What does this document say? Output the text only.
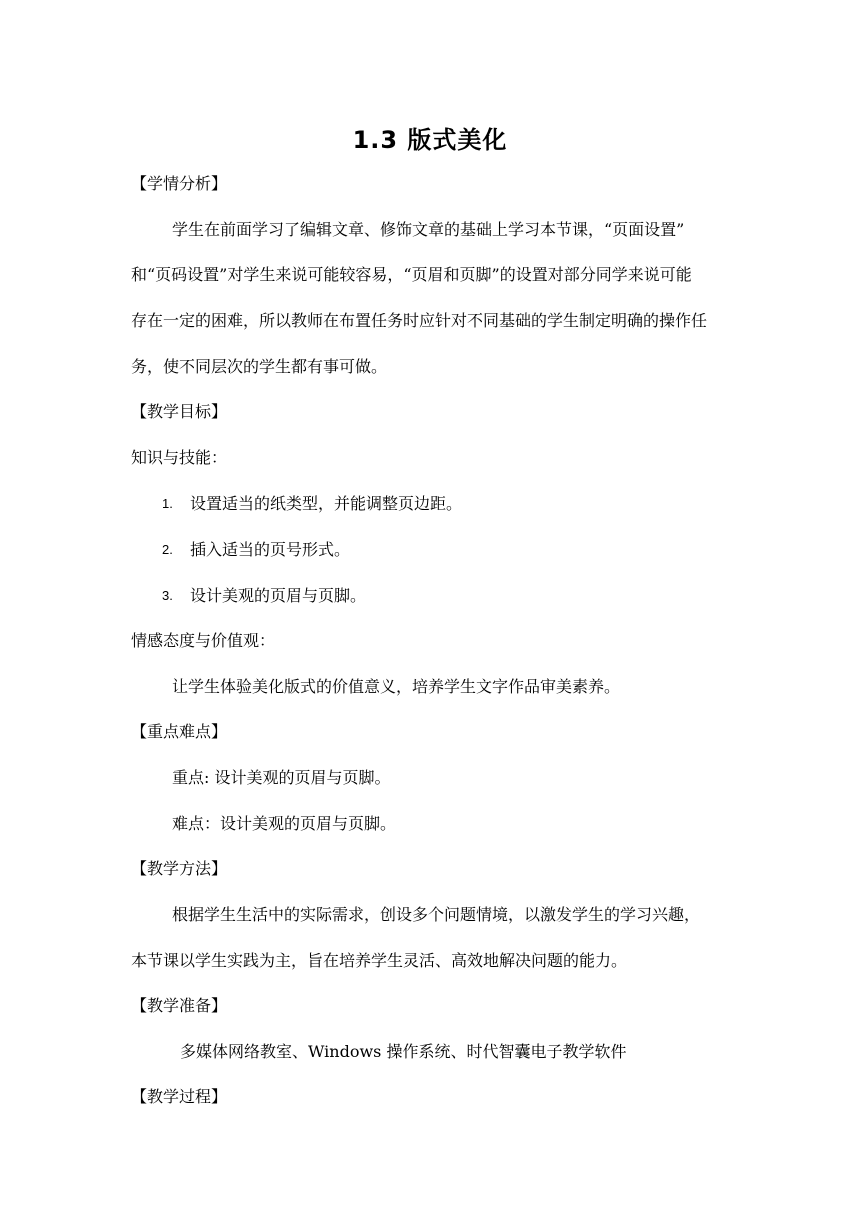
1.3 版式美化
【学情分析】
学生在前面学习了编辑文章、修饰文章的基础上学习本节课，“页面设置”
和“页码设置”对学生来说可能较容易，“页眉和页脚”的设置对部分同学来说可能
存在一定的困难，所以教师在布置任务时应针对不同基础的学生制定明确的操作任
务，使不同层次的学生都有事可做。
【教学目标】
知识与技能：
1. 设置适当的纸类型，并能调整页边距。
2. 插入适当的页号形式。
3. 设计美观的页眉与页脚。
情感态度与价值观：
让学生体验美化版式的价值意义，培养学生文字作品审美素养。
【重点难点】
重点: 设计美观的页眉与页脚。
难点：设计美观的页眉与页脚。
【教学方法】
根据学生生活中的实际需求，创设多个问题情境，以激发学生的学习兴趣，
本节课以学生实践为主，旨在培养学生灵活、高效地解决问题的能力。
【教学准备】
多媒体网络教室、Windows 操作系统、时代智囊电子教学软件
【教学过程】
